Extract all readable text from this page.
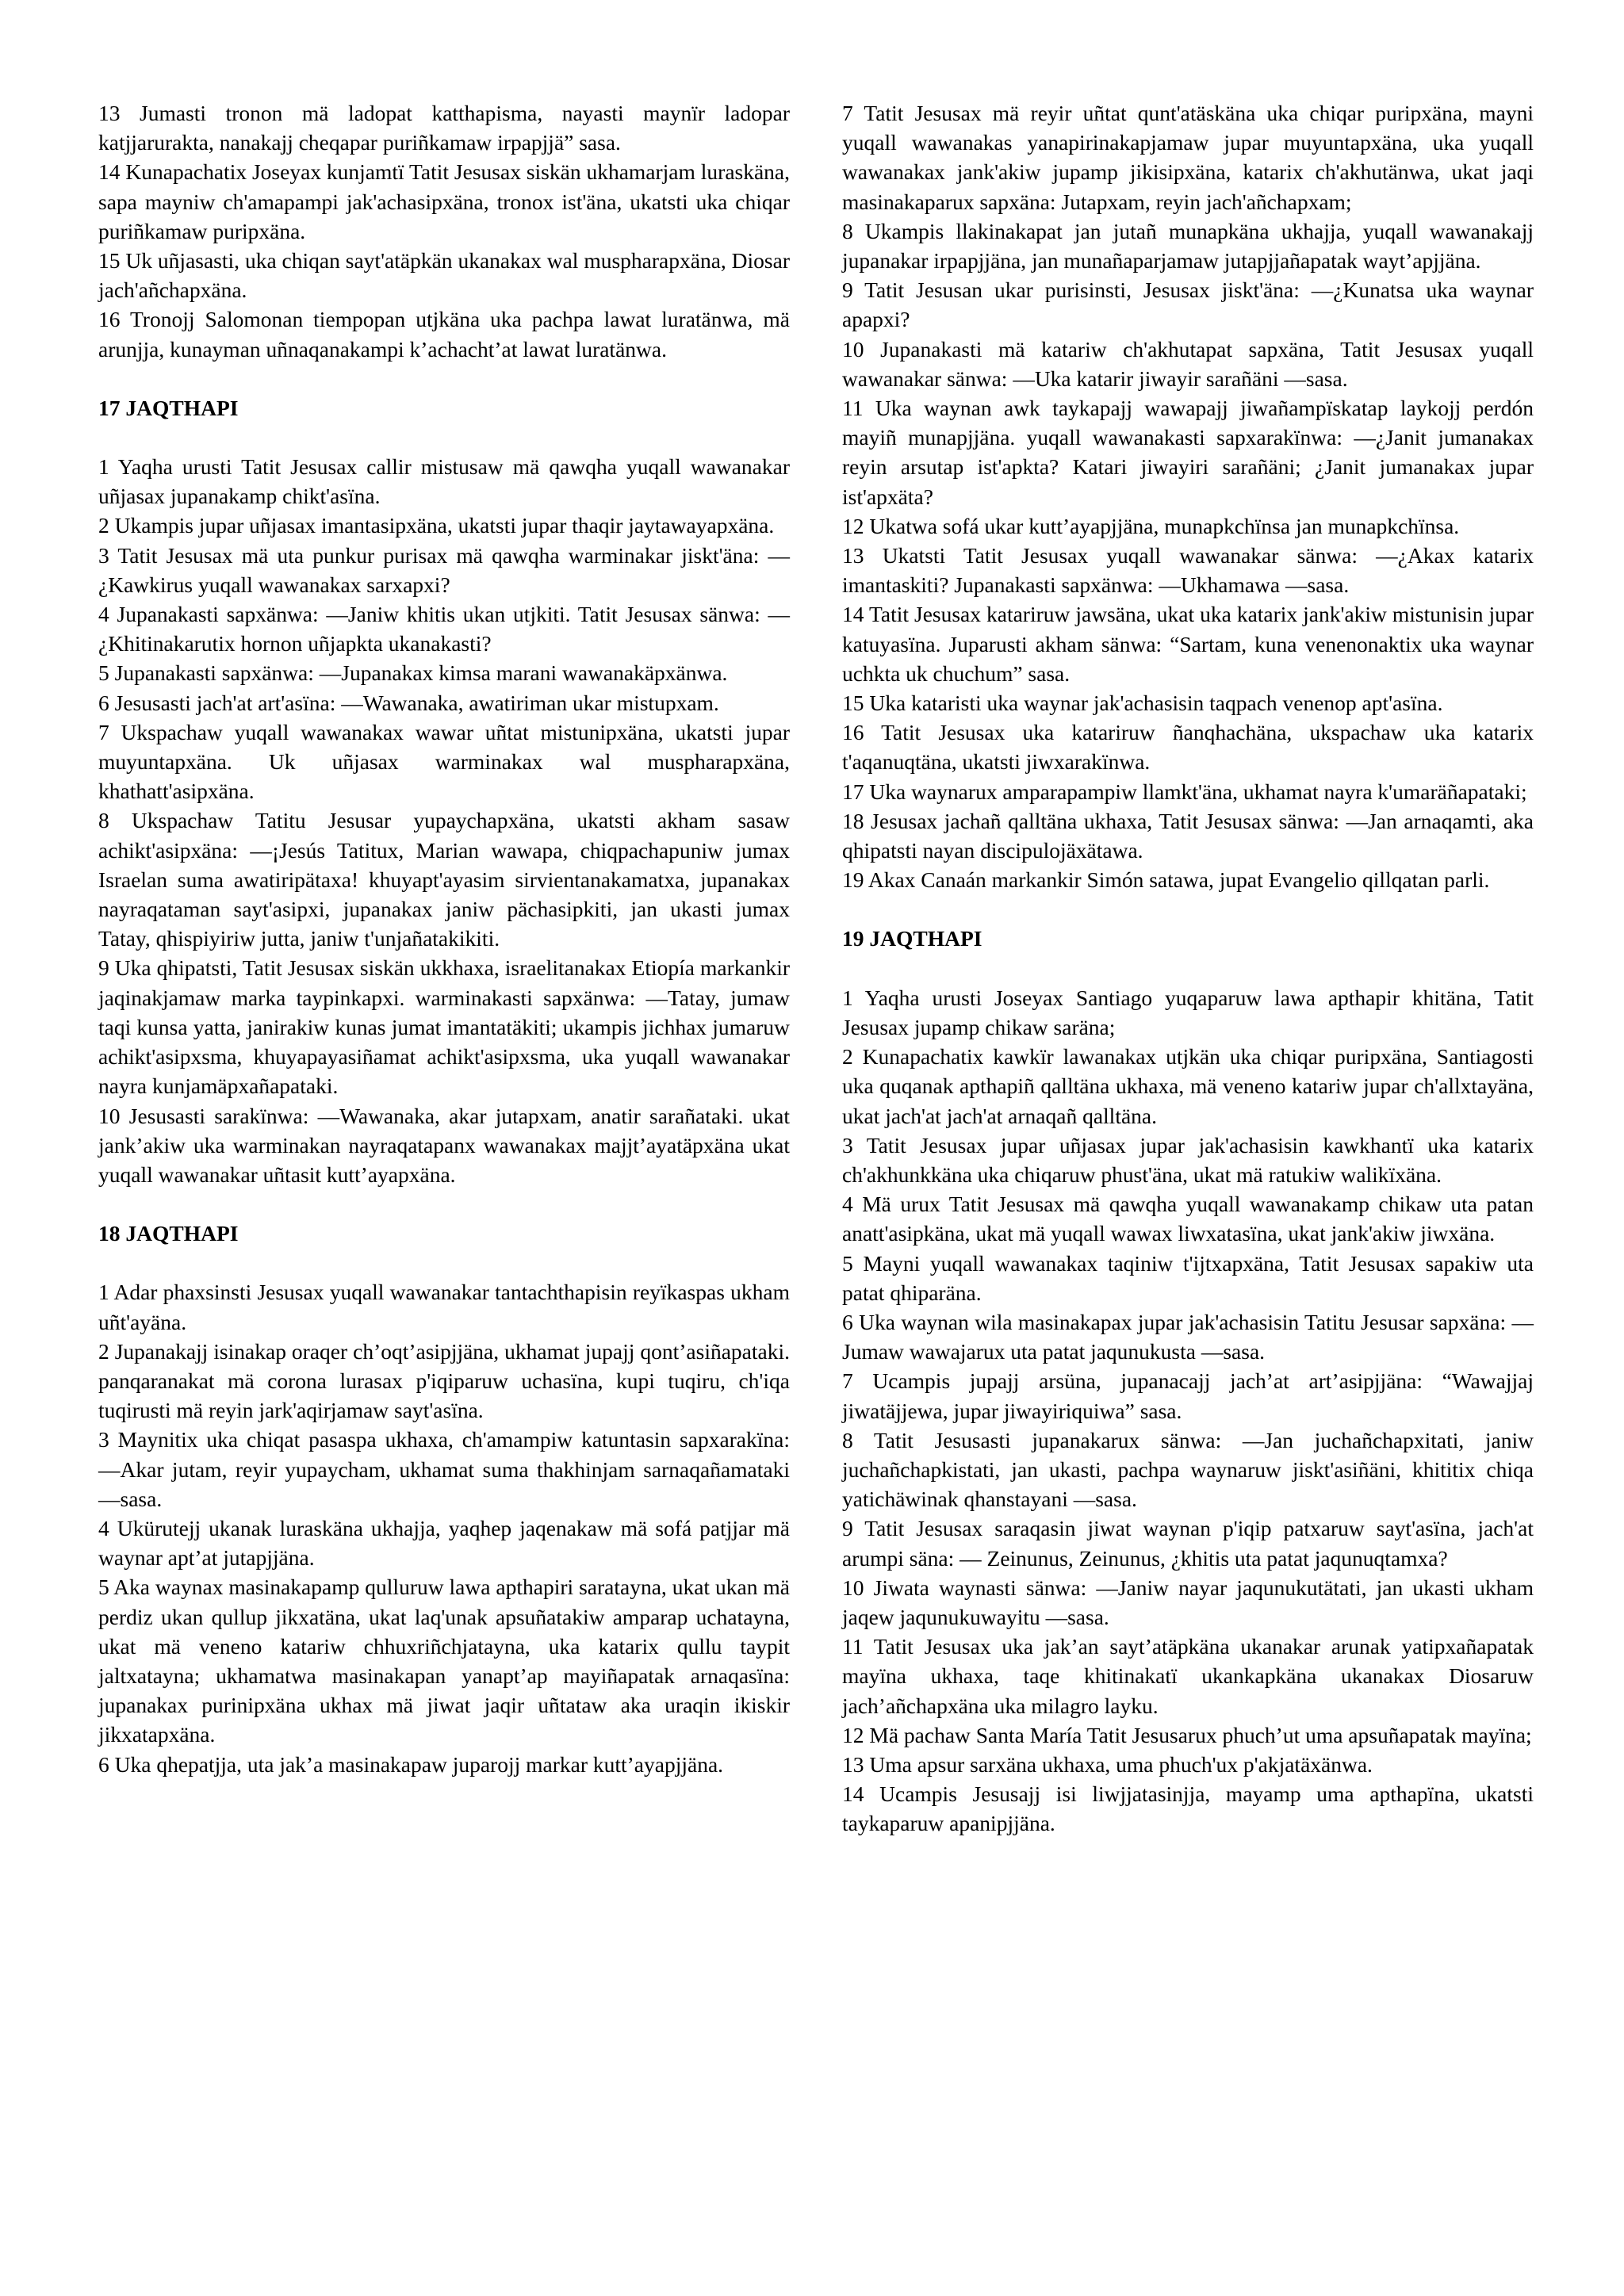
13 Jumasti tronon mä ladopat katthapisma, nayasti maynïr ladopar katjjarurakta, nanakajj cheqapar puriñkamaw irpapjjä” sasa.

14 Kunapachatix Joseyax kunjamtï Tatit Jesusax siskän ukhamarjam luraskäna, sapa mayniw ch'amapampi jak'achasipxäna, tronox ist'äna, ukatsti uka chiqar puriñkamaw puripxäna.

15 Uk uñjasasti, uka chiqan sayt'atäpkän ukanakax wal muspharapxäna, Diosar jach'añchapxäna.

16 Tronojj Salomonan tiempopan utjkäna uka pachpa lawat luratänwa, mä arunjja, kunayman uñnaqanakampi k’achacht’at lawat luratänwa.

17 JAQTHAPI

1 Yaqha urusti Tatit Jesusax callir mistusaw mä qawqha yuqall wawanakar uñjasax jupanakamp chikt'asïna.

2 Ukampis jupar uñjasax imantasipxäna, ukatsti jupar thaqir jaytawayapxäna.

3 Tatit Jesusax mä uta punkur purisax mä qawqha warminakar jiskt'äna: —¿Kawkirus yuqall wawanakax sarxapxi?

4 Jupanakasti sapxänwa: —Janiw khitis ukan utjkiti. Tatit Jesusax sänwa: —¿Khitinakarutix hornon uñjapkta ukanakasti?

5 Jupanakasti sapxänwa: —Jupanakax kimsa marani wawanakäpxänwa.

6 Jesusasti jach'at art'asïna: —Wawanaka, awatiriman ukar mistupxam.

7 Ukspachaw yuqall wawanakax wawar uñtat mistunipxäna, ukatsti jupar muyuntapxäna. Uk uñjasax warminakax wal muspharapxäna, khathatt'asipxäna.

8 Ukspachaw Tatitu Jesusar yupaychapxäna, ukatsti akham sasaw achikt'asipxäna: —¡Jesús Tatitux, Marian wawapa, chiqpachapuniw jumax Israelan suma awatiripätaxa! khuyapt'ayasim sirvientanakamatxa, jupanakax nayraqataman sayt'asipxi, jupanakax janiw pächasipkiti, jan ukasti jumax Tatay, qhispiyiriw jutta, janiw t'unjañatakikiti.

9 Uka qhipatsti, Tatit Jesusax siskän ukkhaxa, israelitanakax Etiopía markankir jaqinakjamaw marka taypinkapxi. warminakasti sapxänwa: —Tatay, jumaw taqi kunsa yatta, janirakiw kunas jumat imantatäkiti; ukampis jichhax jumaruw achikt'asipxsma, khuyapayasiñamat achikt'asipxsma, uka yuqall wawanakar nayra kunjamäpxañapataki.

10 Jesusasti sarakïnwa: —Wawanaka, akar jutapxam, anatir sarañataki. ukat jank’akiw uka warminakan nayraqatapanx wawanakax majjt’ayatäpxäna ukat yuqall wawanakar uñtasit kutt’ayapxäna.

18 JAQTHAPI

1 Adar phaxsinsti Jesusax yuqall wawanakar tantachthapisin reyïkaspas ukham uñt'ayäna.

2 Jupanakajj isinakap oraqer ch’oqt’asipjjäna, ukhamat jupajj qont’asiñapataki. panqaranakat mä corona lurasax p'iqiparuw uchasïna, kupi tuqiru, ch'iqa tuqirusti mä reyin jark'aqirjamaw sayt'asïna.

3 Maynitix uka chiqat pasaspa ukhaxa, ch'amampiw katuntasin sapxarakïna: —Akar jutam, reyir yupaycham, ukhamat suma thakhinjam sarnaqañamataki —sasa.

4 Ukürutejj ukanak luraskäna ukhajja, yaqhep jaqenakaw mä sofá patjjar mä waynar apt’at jutapjjäna.

5 Aka waynax masinakapamp qulluruw lawa apthapiri saratayna, ukat ukan mä perdiz ukan qullup jikxatäna, ukat laq'unak apsuñatakiw amparap uchatayna, ukat mä veneno katariw chhuxriñchjatayna, uka katarix qullu taypit jaltxatayna; ukhamatwa masinakapan yanapt’ap mayiñapatak arnaqasïna: jupanakax purinipxäna ukhax mä jiwat jaqir uñtataw aka uraqin ikiskir jikxatapxäna.

6 Uka qhepatjja, uta jak’a masinakapaw juparojj markar kutt’ayapjjäna.

7 Tatit Jesusax mä reyir uñtat qunt'atäskäna uka chiqar puripxäna, mayni yuqall wawanakas yanapirinakapjamaw jupar muyuntapxäna, uka yuqall wawanakax jank'akiw jupamp jikisipxäna, katarix ch'akhutänwa, ukat jaqi masinakaparux sapxäna: Jutapxam, reyin jach'añchapxam;

8 Ukampis llakinakapat jan jutañ munapkäna ukhajja, yuqall wawanakajj jupanakar irpapjjäna, jan munañaparjamaw jutapjjañapatak wayt’apjjäna.

9 Tatit Jesusan ukar purisinsti, Jesusax jiskt'äna: —¿Kunatsa uka waynar apapxi?

10 Jupanakasti mä katariw ch'akhutapat sapxäna, Tatit Jesusax yuqall wawanakar sänwa: —Uka katarir jiwayir sarañäni —sasa.

11 Uka waynan awk taykapajj wawapajj jiwañampïskatap laykojj perdón mayiñ munapjjäna. yuqall wawanakasti sapxarakïnwa: —¿Janit jumanakax reyin arsutap ist'apkta? Katari jiwayiri sarañäni; ¿Janit jumanakax jupar ist'apxäta?

12 Ukatwa sofá ukar kutt’ayapjjäna, munapkchïnsa jan munapkchïnsa.

13 Ukatsti Tatit Jesusax yuqall wawanakar sänwa: —¿Akax katarix imantaskiti? Jupanakasti sapxänwa: —Ukhamawa —sasa.

14 Tatit Jesusax katariruw jawsäna, ukat uka katarix jank'akiw mistunisin jupar katuyasïna. Juparusti akham sänwa: “Sartam, kuna venenonaktix uka waynar uchkta uk chuchum” sasa.

15 Uka kataristi uka waynar jak'achasisin taqpach venenop apt'asïna.

16 Tatit Jesusax uka katariruw ñanqhachäna, ukspachaw uka katarix t'aqanuqtäna, ukatsti jiwxarakïnwa.

17 Uka waynarux amparapampiw llamkt'äna, ukhamat nayra k'umaräñapataki;

18 Jesusax jachañ qalltäna ukhaxa, Tatit Jesusax sänwa: —Jan arnaqamti, aka qhipatsti nayan discipulojäxätawa.

19 Akax Canaán markankir Simón satawa, jupat Evangelio qillqatan parli.

19 JAQTHAPI

1 Yaqha urusti Joseyax Santiago yuqaparuw lawa apthapir khitäna, Tatit Jesusax jupamp chikaw saräna;

2 Kunapachatix kawkïr lawanakax utjkän uka chiqar puripxäna, Santiagosti uka quqanak apthapiñ qalltäna ukhaxa, mä veneno katariw jupar ch'allxtayäna, ukat jach'at jach'at arnaqañ qalltäna.

3 Tatit Jesusax jupar uñjasax jupar jak'achasisin kawkhantï uka katarix ch'akhunkkäna uka chiqaruw phust'äna, ukat mä ratukiw walikïxäna.

4 Mä urux Tatit Jesusax mä qawqha yuqall wawanakamp chikaw uta patan anatt'asipkäna, ukat mä yuqall wawax liwxatasïna, ukat jank'akiw jiwxäna.

5 Mayni yuqall wawanakax taqiniw t'ijtxapxäna, Tatit Jesusax sapakiw uta patat qhiparäna.

6 Uka waynan wila masinakapax jupar jak'achasisin Tatitu Jesusar sapxäna: —Jumaw wawajarux uta patat jaqunukusta —sasa.

7 Ucampis jupajj arsüna, jupanacajj jach’at art’asipjjäna: “Wawajjaj jiwatäjjewa, jupar jiwayiriquiwa” sasa.

8 Tatit Jesusasti jupanakarux sänwa: —Jan juchañchapxitati, janiw juchañchapkistati, jan ukasti, pachpa waynaruw jiskt'asiñäni, khititix chiqa yatichäwinak qhanstayani —sasa.

9 Tatit Jesusax saraqasin jiwat waynan p'iqip patxaruw sayt'asïna, jach'at arumpi säna: — Zeinunus, Zeinunus, ¿khitis uta patat jaqunuqtamxa?

10 Jiwata waynasti sänwa: —Janiw nayar jaqunukutätati, jan ukasti ukham jaqew jaqunukuwayitu —sasa.

11 Tatit Jesusax uka jak’an sayt’atäpkäna ukanakar arunak yatipxañapatak mayïna ukhaxa, taqe khitinakatï ukankapkäna ukanakax Diosaruw jach’añchapxäna uka milagro layku.

12 Mä pachaw Santa María Tatit Jesusarux phuch’ut uma apsuñapatak mayïna;

13 Uma apsur sarxäna ukhaxa, uma phuch'ux p'akjatäxänwa.

14 Ucampis Jesusajj isi liwjjatasinjja, mayamp uma apthapïna, ukatsti taykaparuw apanipjjäna.
